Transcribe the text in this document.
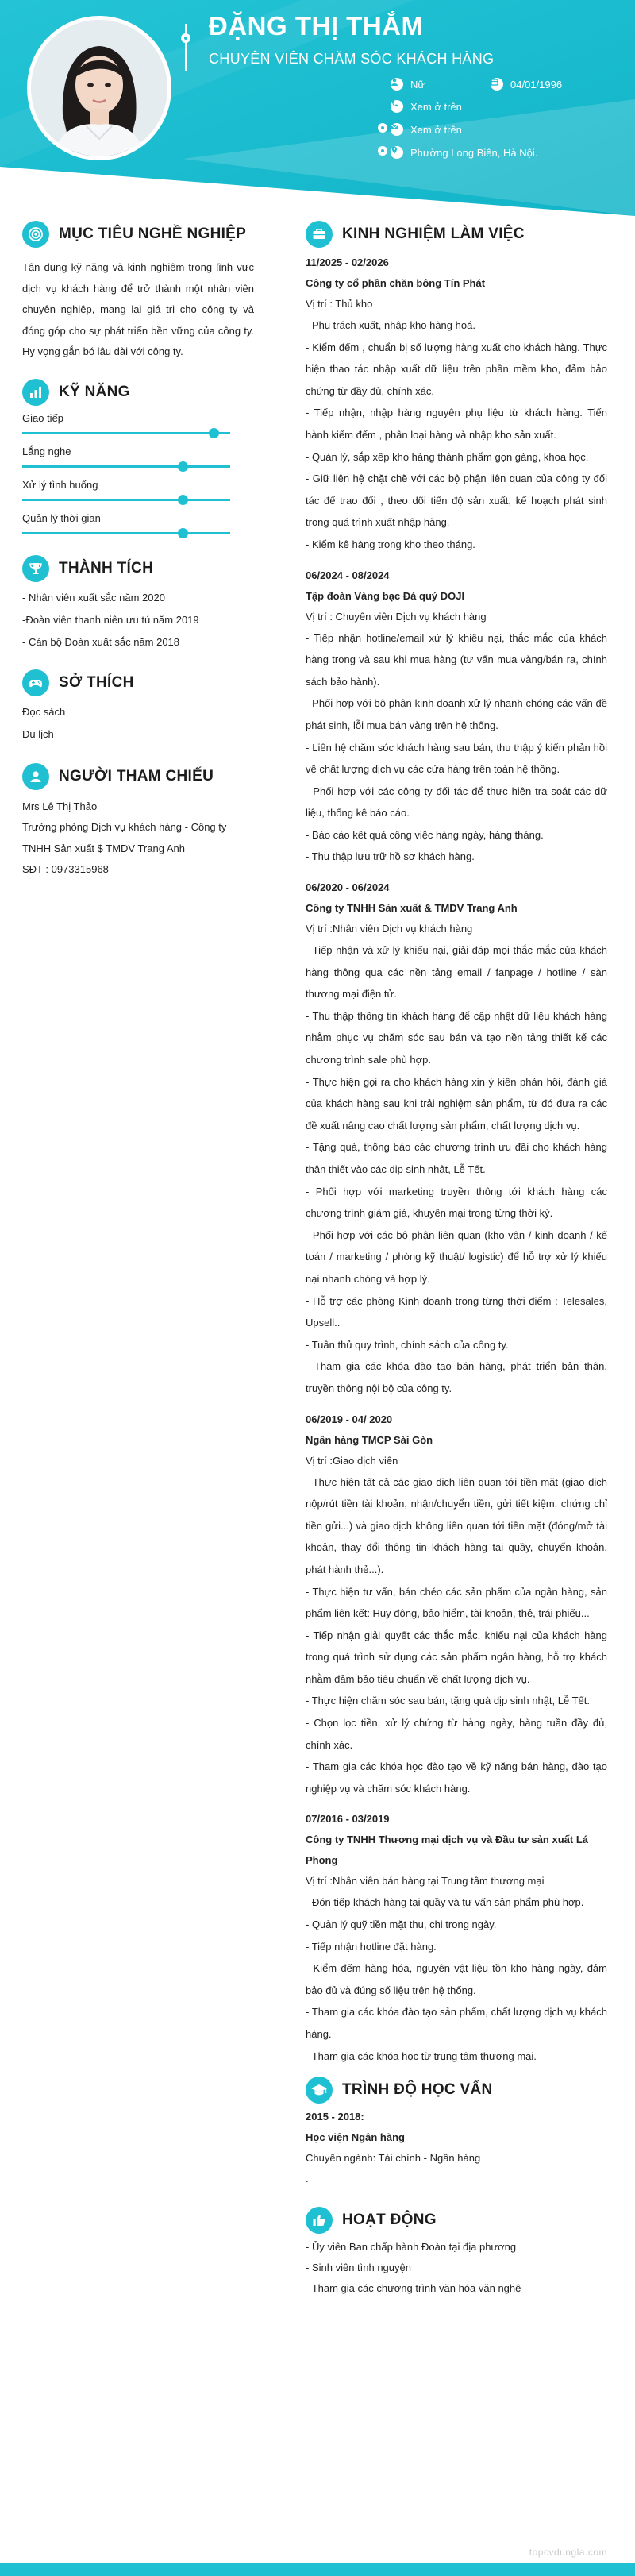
ĐẶNG THỊ THẮM
CHUYÊN VIÊN CHĂM SÓC KHÁCH HÀNG
Nữ	04/01/1996
Xem ở trên
Xem ở trên
Phường Long Biên, Hà Nội.
MỤC TIÊU NGHỀ NGHIỆP
Tận dụng kỹ năng và kinh nghiệm trong lĩnh vực dịch vụ khách hàng để trở thành một nhân viên chuyên nghiệp, mang lại giá trị cho công ty và đóng góp cho sự phát triển bền vững của công ty. Hy vọng gắn bó lâu dài với công ty.
KỸ NĂNG
Giao tiếp
Lắng nghe
Xử lý tình huống
Quản lý thời gian
THÀNH TÍCH
- Nhân viên xuất sắc năm 2020
-Đoàn viên thanh niên ưu tú năm 2019
- Cán bộ Đoàn xuất sắc năm 2018
SỞ THÍCH
Đọc sách
Du lịch
NGƯỜI THAM CHIẾU
Mrs Lê Thị Thảo
Trưởng phòng Dịch vụ khách hàng - Công ty TNHH Sản xuất $ TMDV Trang Anh
SĐT : 0973315968
KINH NGHIỆM LÀM VIỆC
11/2025 - 02/2026
Công ty cổ phần chăn bông Tín Phát
Vị trí : Thủ kho
- Phụ trách xuất, nhập kho hàng hoá.
- Kiểm đếm , chuẩn bị số lượng hàng xuất cho khách hàng. Thực hiện thao tác nhập xuất dữ liệu trên phần mềm kho, đảm bảo chứng từ đầy đủ, chính xác.
- Tiếp nhận, nhập hàng nguyên phụ liệu từ khách hàng. Tiến hành kiểm đếm , phân loại hàng và nhập kho sản xuất.
- Quản lý, sắp xếp kho hàng thành phẩm gọn gàng, khoa học.
- Giữ liên hệ chặt chẽ với các bộ phận liên quan của công ty đối tác để trao đổi , theo dõi tiến độ sản xuất, kế hoạch phát sinh trong quá trình xuất nhập hàng.
- Kiểm kê hàng trong kho theo tháng.
06/2024 - 08/2024
Tập đoàn Vàng bạc Đá quý DOJI
Vị trí : Chuyên viên Dịch vụ khách hàng
- Tiếp nhận hotline/email xử lý khiếu nại, thắc mắc của khách hàng trong và sau khi mua hàng (tư vấn mua vàng/bán ra, chính sách bảo hành).
- Phối hợp với bộ phận kinh doanh xử lý nhanh chóng các vấn đề phát sinh, lỗi mua bán vàng trên hệ thống.
- Liên hệ chăm sóc khách hàng sau bán, thu thập ý kiến phản hồi về chất lượng dịch vụ các cửa hàng trên toàn hệ thống.
- Phối hợp với các công ty đối tác để thực hiện tra soát các dữ liệu, thống kê báo cáo.
- Báo cáo kết quả công việc hàng ngày, hàng tháng.
- Thu thập lưu trữ hồ sơ khách hàng.
06/2020 - 06/2024
Công ty TNHH Sản xuất & TMDV Trang Anh
Vị trí :Nhân viên Dịch vụ khách hàng
- Tiếp nhận và xử lý khiếu nại, giải đáp mọi thắc mắc của khách hàng thông qua các nền tảng email / fanpage / hotline / sàn thương mại điện tử.
- Thu thập thông tin khách hàng để cập nhật dữ liệu khách hàng nhằm phục vụ chăm sóc sau bán và tạo nền tảng thiết kế các chương trình sale phù hợp.
- Thực hiện gọi ra cho khách hàng xin ý kiến phản hồi, đánh giá của khách hàng sau khi trải nghiệm sản phẩm, từ đó đưa ra các đề xuất nâng cao chất lượng sản phẩm, chất lượng dịch vụ.
- Tặng quà, thông báo các chương trình ưu đãi cho khách hàng thân thiết vào các dịp sinh nhật, Lễ Tết.
- Phối hợp với marketing truyền thông tới khách hàng các chương trình giảm giá, khuyến mại trong từng thời kỳ.
- Phối hợp với các bộ phận liên quan (kho vận / kinh doanh / kế toán / marketing / phòng kỹ thuật/ logistic) để hỗ trợ xử lý khiếu nại nhanh chóng và hợp lý.
- Hỗ trợ các phòng Kinh doanh trong từng thời điểm : Telesales, Upsell..
- Tuân thủ quy trình, chính sách của công ty.
- Tham gia các khóa đào tạo bán hàng, phát triển bản thân, truyền thông nội bộ của công ty.
06/2019 - 04/ 2020
Ngân hàng TMCP Sài Gòn
Vị trí :Giao dịch viên
- Thực hiện tất cả các giao dịch liên quan tới tiền mặt (giao dịch nộp/rút tiền tài khoản, nhận/chuyển tiền, gửi tiết kiệm, chứng chỉ tiền gửi...) và giao dịch không liên quan tới tiền mặt (đóng/mở tài khoản, thay đổi thông tin khách hàng tại quầy, chuyển khoản, phát hành thẻ...).
- Thực hiện tư vấn, bán chéo các sản phẩm của ngân hàng, sản phẩm liên kết: Huy động, bảo hiểm, tài khoản, thẻ, trái phiếu...
- Tiếp nhận giải quyết các thắc mắc, khiếu nại của khách hàng trong quá trình sử dụng các sản phẩm ngân hàng, hỗ trợ khách nhằm đảm bảo tiêu chuẩn về chất lượng dịch vụ.
- Thực hiện chăm sóc sau bán, tặng quà dịp sinh nhật, Lễ Tết.
- Chọn lọc tiền, xử lý chứng từ hàng ngày, hàng tuần đầy đủ, chính xác.
- Tham gia các khóa học đào tạo về kỹ năng bán hàng, đào tạo nghiệp vụ và chăm sóc khách hàng.
07/2016 - 03/2019
Công ty TNHH Thương mại dịch vụ và Đầu tư sản xuất Lá Phong
Vị trí :Nhân viên bán hàng tại Trung tâm thương mại
- Đón tiếp khách hàng tại quầy và tư vấn sản phẩm phù hợp.
- Quản lý quỹ tiền mặt thu, chi trong ngày.
- Tiếp nhận hotline đặt hàng.
- Kiểm đếm hàng hóa, nguyên vật liệu tồn kho hàng ngày, đảm bảo đủ và đúng số liệu trên hệ thống.
- Tham gia các khóa đào tạo sản phẩm, chất lượng dịch vụ khách hàng.
- Tham gia các khóa học từ trung tâm thương mại.
TRÌNH ĐỘ HỌC VẤN
2015 - 2018:
Học viện Ngân hàng
Chuyên ngành: Tài chính - Ngân hàng
.
HOẠT ĐỘNG
- Ủy viên Ban chấp hành Đoàn tại địa phương
- Sinh viên tình nguyện
- Tham gia các chương trình văn hóa văn nghệ
topcvdungla.com
